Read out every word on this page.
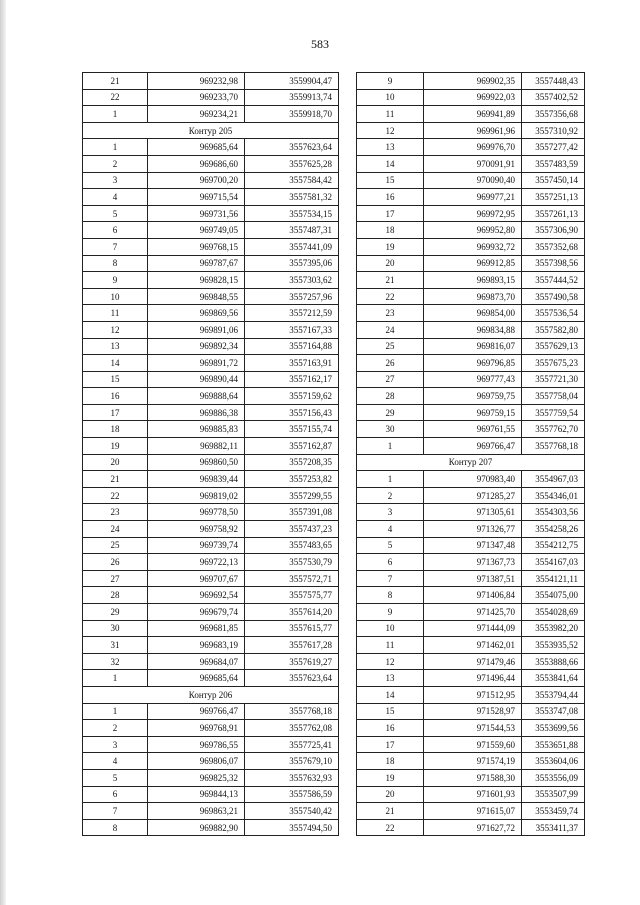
583
21	969232,98	3559904,47
22	969233,70	3559913,74
1	969234,21	3559918,70
Контур 205		
1	969685,64	3557623,64
2	969686,60	3557625,28
3	969700,20	3557584,42
4	969715,54	3557581,32
5	969731,56	3557534,15
6	969749,05	3557487,31
7	969768,15	3557441,09
8	969787,67	3557395,06
9	969828,15	3557303,62
10	969848,55	3557257,96
11	969869,56	3557212,59
12	969891,06	3557167,33
13	969892,34	3557164,88
14	969891,72	3557163,91
15	969890,44	3557162,17
16	969888,64	3557159,62
17	969886,38	3557156,43
18	969885,83	3557155,74
19	969882,11	3557162,87
20	969860,50	3557208,35
21	969839,44	3557253,82
22	969819,02	3557299,55
23	969778,50	3557391,08
24	969758,92	3557437,23
25	969739,74	3557483,65
26	969722,13	3557530,79
27	969707,67	3557572,71
28	969692,54	3557575,77
29	969679,74	3557614,20
30	969681,85	3557615,77
31	969683,19	3557617,28
32	969684,07	3557619,27
1	969685,64	3557623,64
Контур 206		
1	969766,47	3557768,18
2	969768,91	3557762,08
3	969786,55	3557725,41
4	969806,07	3557679,10
5	969825,32	3557632,93
6	969844,13	3557586,59
7	969863,21	3557540,42
8	969882,90	3557494,50
9	969902,35	3557448,43
10	969922,03	3557402,52
11	969941,89	3557356,68
12	969961,96	3557310,92
13	969976,70	3557277,42
14	970091,91	3557483,59
15	970090,40	3557450,14
16	969977,21	3557251,13
17	969972,95	3557261,13
18	969952,80	3557306,90
19	969932,72	3557352,68
20	969912,85	3557398,56
21	969893,15	3557444,52
22	969873,70	3557490,58
23	969854,00	3557536,54
24	969834,88	3557582,80
25	969816,07	3557629,13
26	969796,85	3557675,23
27	969777,43	3557721,30
28	969759,75	3557758,04
29	969759,15	3557759,54
30	969761,55	3557762,70
1	969766,47	3557768,18
Контур 207		
1	970983,40	3554967,03
2	971285,27	3554346,01
3	971305,61	3554303,56
4	971326,77	3554258,26
5	971347,48	3554212,75
6	971367,73	3554167,03
7	971387,51	3554121,11
8	971406,84	3554075,00
9	971425,70	3554028,69
10	971444,09	3553982,20
11	971462,01	3553935,52
12	971479,46	3553888,66
13	971496,44	3553841,64
14	971512,95	3553794,44
15	971528,97	3553747,08
16	971544,53	3553699,56
17	971559,60	3553651,88
18	971574,19	3553604,06
19	971588,30	3553556,09
20	971601,93	3553507,99
21	971615,07	3553459,74
22	971627,72	3553411,37
